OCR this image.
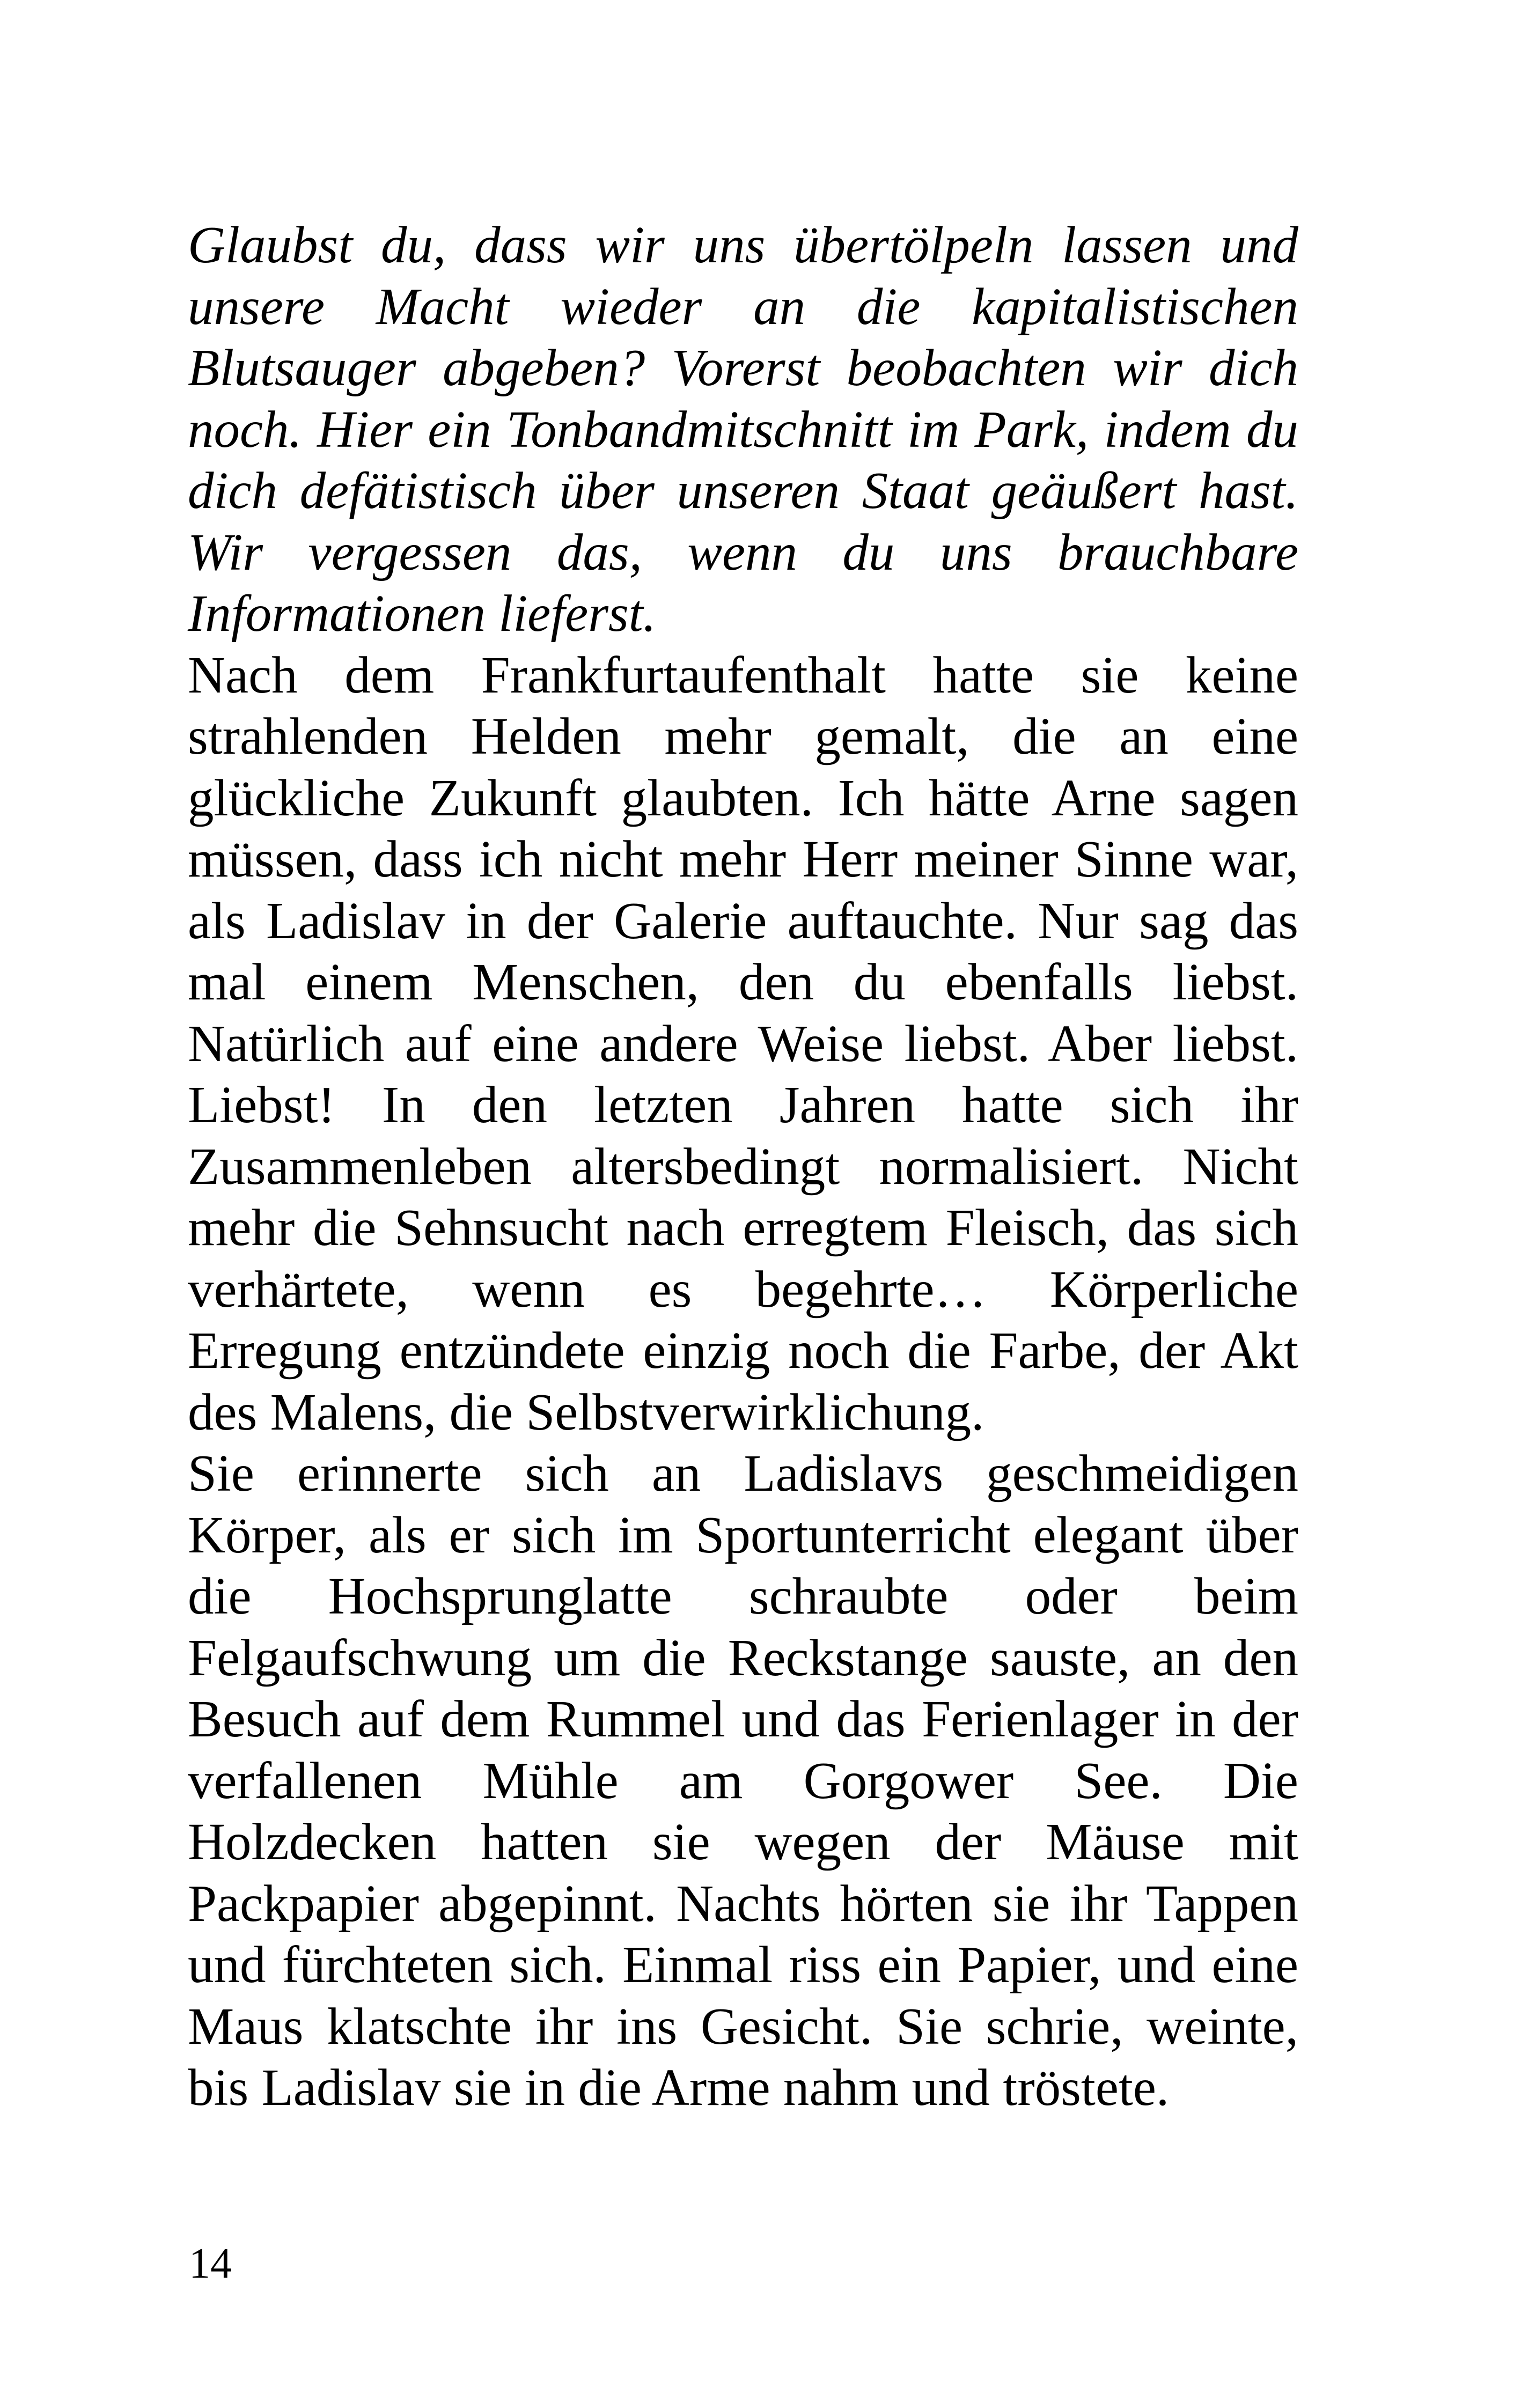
Glaubst du, dass wir uns übertölpeln lassen und
unsere Macht wieder an die kapitalistischen
Blutsauger abgeben? Vorerst beobachten wir dich
noch. Hier ein Tonbandmitschnitt im Park, indem du
dich defätistisch über unseren Staat geäußert hast.
Wir vergessen das, wenn du uns brauchbare
Informationen lieferst.

Nach dem Frankfurtaufenthalt hatte sie keine
strahlenden Helden mehr gemalt, die an eine
glückliche Zukunft glaubten. Ich hätte Arne sagen
müssen, dass ich nicht mehr Herr meiner Sinne war,
als Ladislav in der Galerie auftauchte. Nur sag das
mal einem Menschen, den du ebenfalls liebst.
Natürlich auf eine andere Weise liebst. Aber liebst.
Liebst! In den letzten Jahren hatte sich ihr
Zusammenleben altersbedingt normalisiert. Nicht
mehr die Sehnsucht nach erregtem Fleisch, das sich
verhärtete, wenn es begehrte… Körperliche
Erregung entzündete einzig noch die Farbe, der Akt
des Malens, die Selbstverwirklichung.

Sie erinnerte sich an Ladislavs geschmeidigen
Körper, als er sich im Sportunterricht elegant über
die Hochsprunglatte schraubte oder beim
Felgaufschwung um die Reckstange sauste, an den
Besuch auf dem Rummel und das Ferienlager in der
verfallenen Mühle am Gorgower See. Die
Holzdecken hatten sie wegen der Mäuse mit
Packpapier abgepinnt. Nachts hörten sie ihr Tappen
und fürchteten sich. Einmal riss ein Papier, und eine
Maus klatschte ihr ins Gesicht. Sie schrie, weinte,
bis Ladislav sie in die Arme nahm und tröstete.

14
